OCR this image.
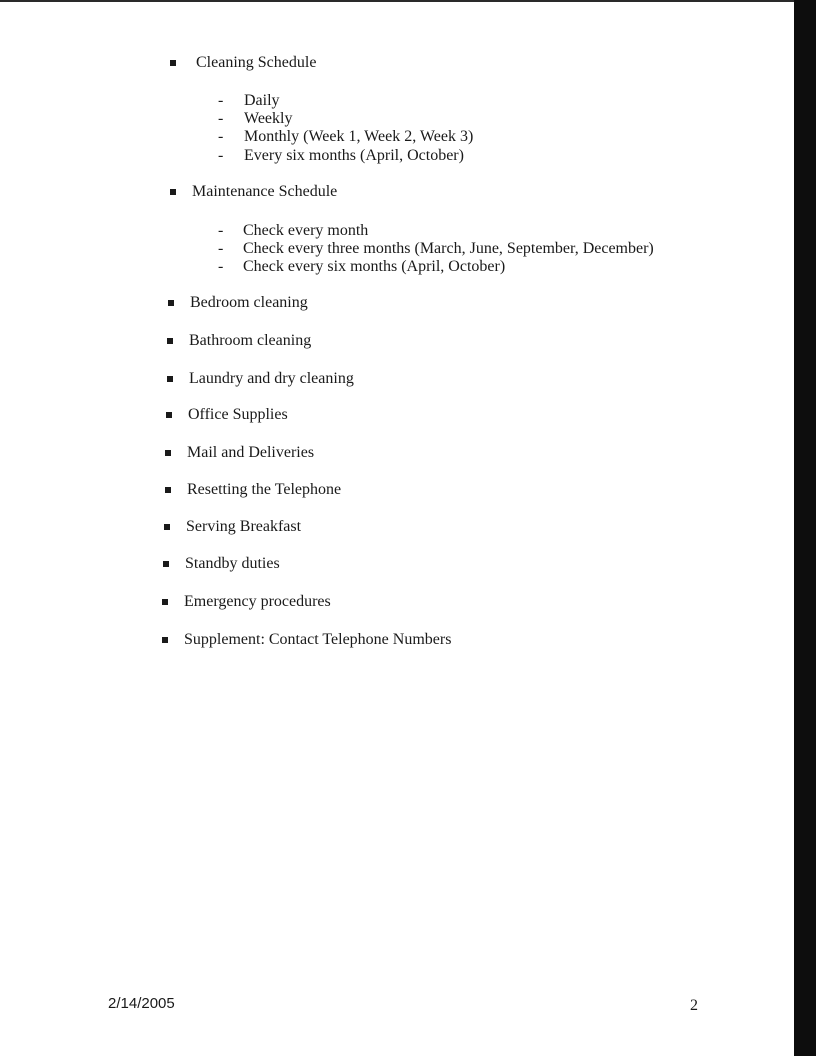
Cleaning Schedule
- Daily
- Weekly
- Monthly (Week 1, Week 2, Week 3)
- Every six months (April, October)
Maintenance Schedule
- Check every month
- Check every three months (March, June, September, December)
- Check every six months (April, October)
Bedroom cleaning
Bathroom cleaning
Laundry and dry cleaning
Office Supplies
Mail and Deliveries
Resetting the Telephone
Serving Breakfast
Standby duties
Emergency procedures
Supplement: Contact Telephone Numbers
2/14/2005	2
